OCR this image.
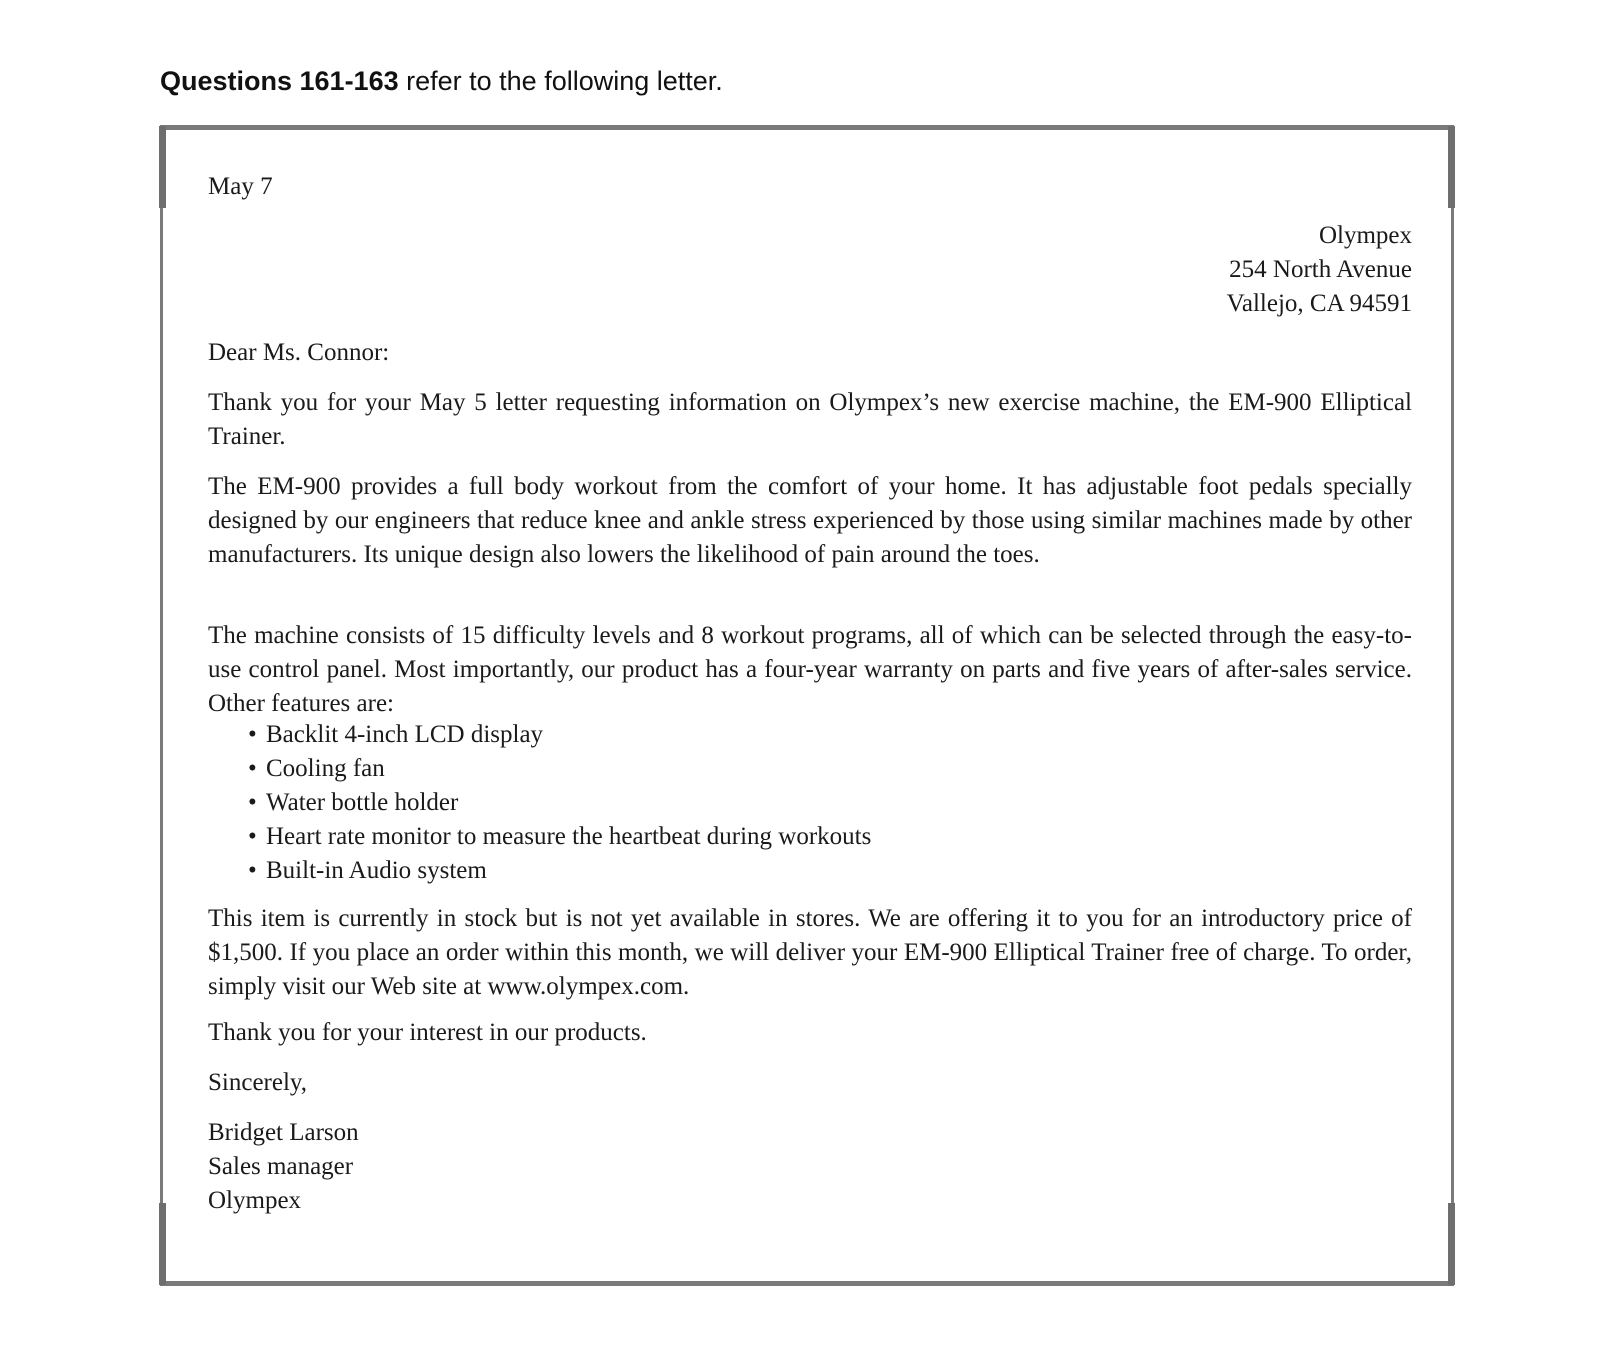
Questions 161-163 refer to the following letter.
May 7
Olympex
254 North Avenue
Vallejo, CA 94591
Dear Ms. Connor:
Thank you for your May 5 letter requesting information on Olympex’s new exercise machine, the EM-900 Elliptical Trainer.
The EM-900 provides a full body workout from the comfort of your home. It has adjustable foot pedals specially designed by our engineers that reduce knee and ankle stress experienced by those using similar machines made by other manufacturers. Its unique design also lowers the likelihood of pain around the toes.
The machine consists of 15 difficulty levels and 8 workout programs, all of which can be selected through the easy-to-use control panel. Most importantly, our product has a four-year warranty on parts and five years of after-sales service. Other features are:
• Backlit 4-inch LCD display
• Cooling fan
• Water bottle holder
• Heart rate monitor to measure the heartbeat during workouts
• Built-in Audio system
This item is currently in stock but is not yet available in stores. We are offering it to you for an introductory price of $1,500. If you place an order within this month, we will deliver your EM-900 Elliptical Trainer free of charge. To order, simply visit our Web site at www.olympex.com.
Thank you for your interest in our products.
Sincerely,
Bridget Larson
Sales manager
Olympex
